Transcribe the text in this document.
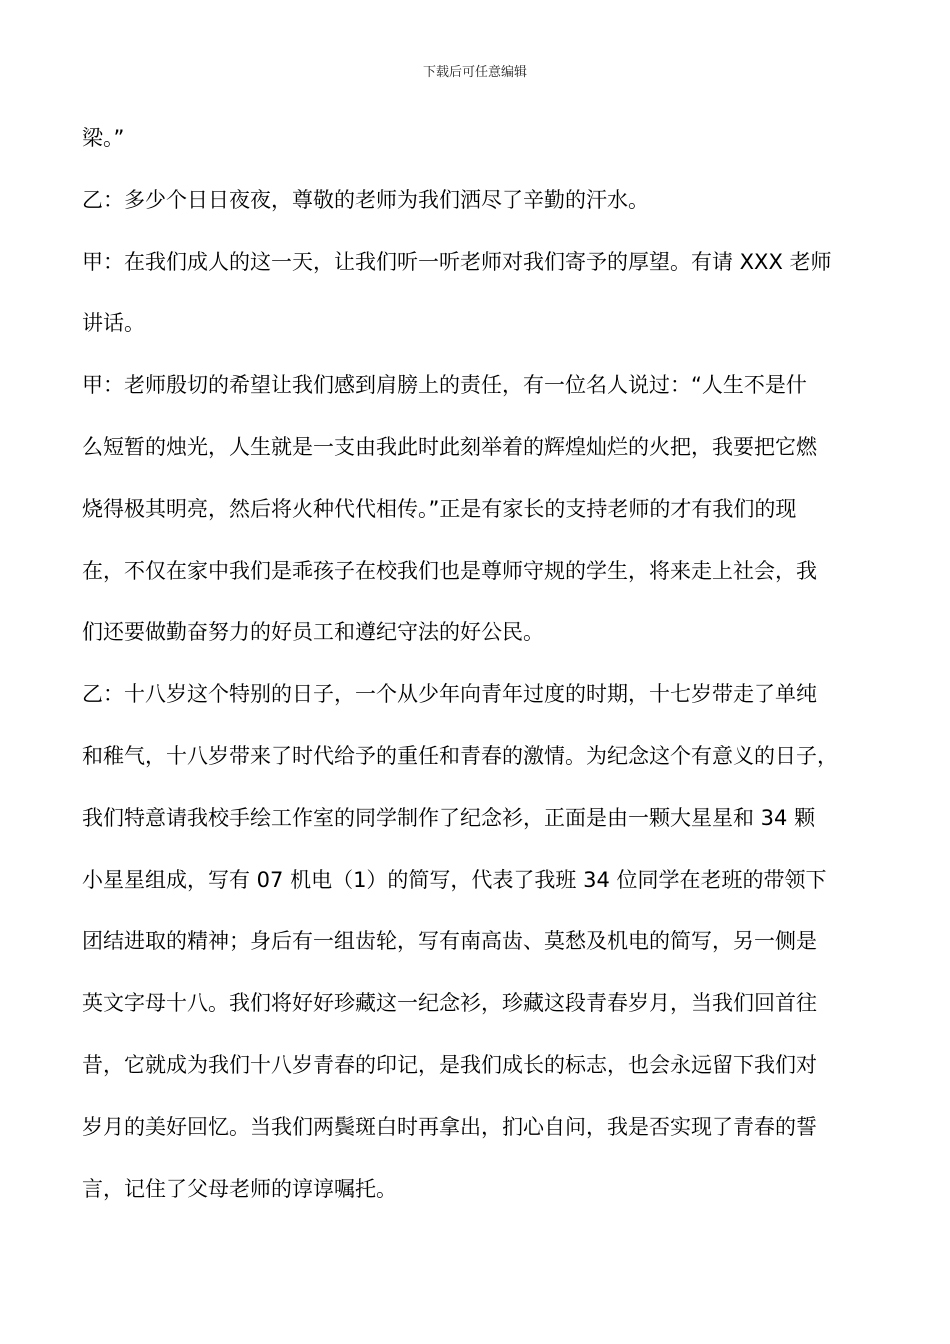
下载后可任意编辑
梁。”
乙：多少个日日夜夜，尊敬的老师为我们洒尽了辛勤的汗水。
甲：在我们成人的这一天，让我们听一听老师对我们寄予的厚望。有请 XXX 老师
讲话。
甲：老师殷切的希望让我们感到肩膀上的责任，有一位名人说过：“人生不是什
么短暂的烛光，人生就是一支由我此时此刻举着的辉煌灿烂的火把，我要把它燃
烧得极其明亮，然后将火种代代相传。”正是有家长的支持老师的才有我们的现
在，不仅在家中我们是乖孩子在校我们也是尊师守规的学生，将来走上社会，我
们还要做勤奋努力的好员工和遵纪守法的好公民。
乙：十八岁这个特别的日子，一个从少年向青年过度的时期，十七岁带走了单纯
和稚气，十八岁带来了时代给予的重任和青春的激情。为纪念这个有意义的日子，
我们特意请我校手绘工作室的同学制作了纪念衫，正面是由一颗大星星和 34 颗
小星星组成，写有 07 机电（1）的简写，代表了我班 34 位同学在老班的带领下
团结进取的精神；身后有一组齿轮，写有南高齿、莫愁及机电的简写，另一侧是
英文字母十八。我们将好好珍藏这一纪念衫，珍藏这段青春岁月，当我们回首往
昔，它就成为我们十八岁青春的印记，是我们成长的标志，也会永远留下我们对
岁月的美好回忆。当我们两鬓斑白时再拿出，扪心自问，我是否实现了青春的誓
言，记住了父母老师的谆谆嘱托。
